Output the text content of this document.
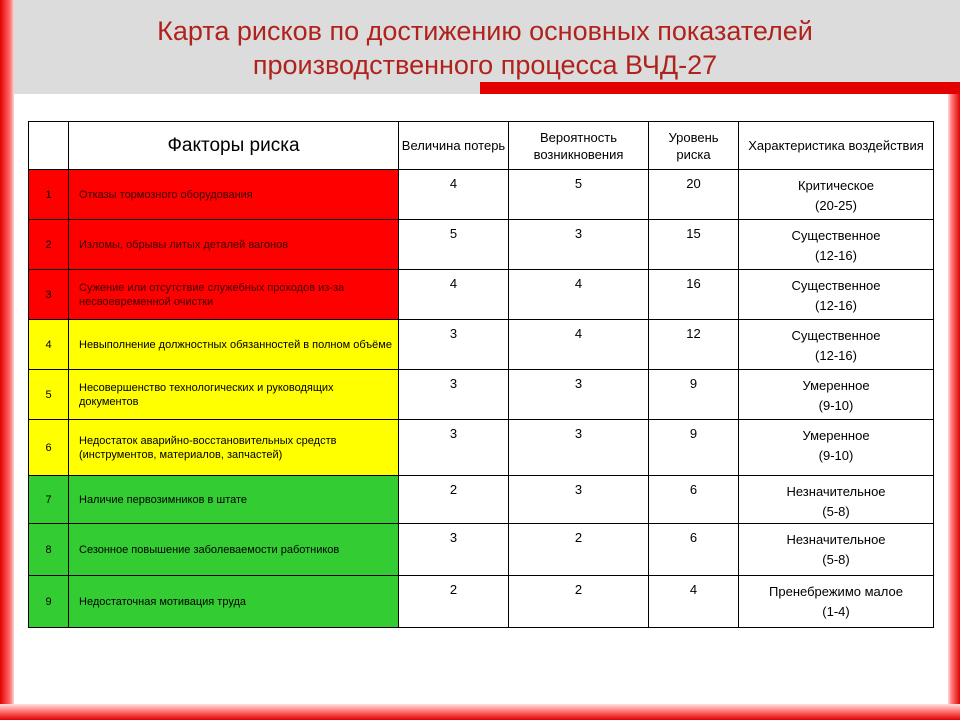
Карта рисков по достижению основных показателей
производственного процесса ВЧД-27
	Факторы риска	Величина потерь	Вероятность возникновения	Уровень риска	Характеристика воздействия
1	Отказы тормозного оборудования	4	5	20	Критическое
(20-25)

2	Изломы, обрывы литых деталей вагонов	5	3	15	Существенное
(12-16)

3	Сужение или отсутствие служебных проходов из-за несвоевременной очистки	4	4	16	Существенное
(12-16)

4	Невыполнение должностных обязанностей в полном объёме	3	4	12	Существенное
(12-16)

5	Несовершенство технологических и руководящих документов	3	3	9	Умеренное
(9-10)

6	Недостаток аварийно-восстановительных средств (инструментов, материалов, запчастей)	3	3	9	Умеренное
(9-10)

7	Наличие первозимников в штате	2	3	6	Незначительное
(5-8)

8	Сезонное повышение заболеваемости работников	3	2	6	Незначительное
(5-8)

9	Недостаточная мотивация труда	2	2	4	Пренебрежимо малое
(1-4)
